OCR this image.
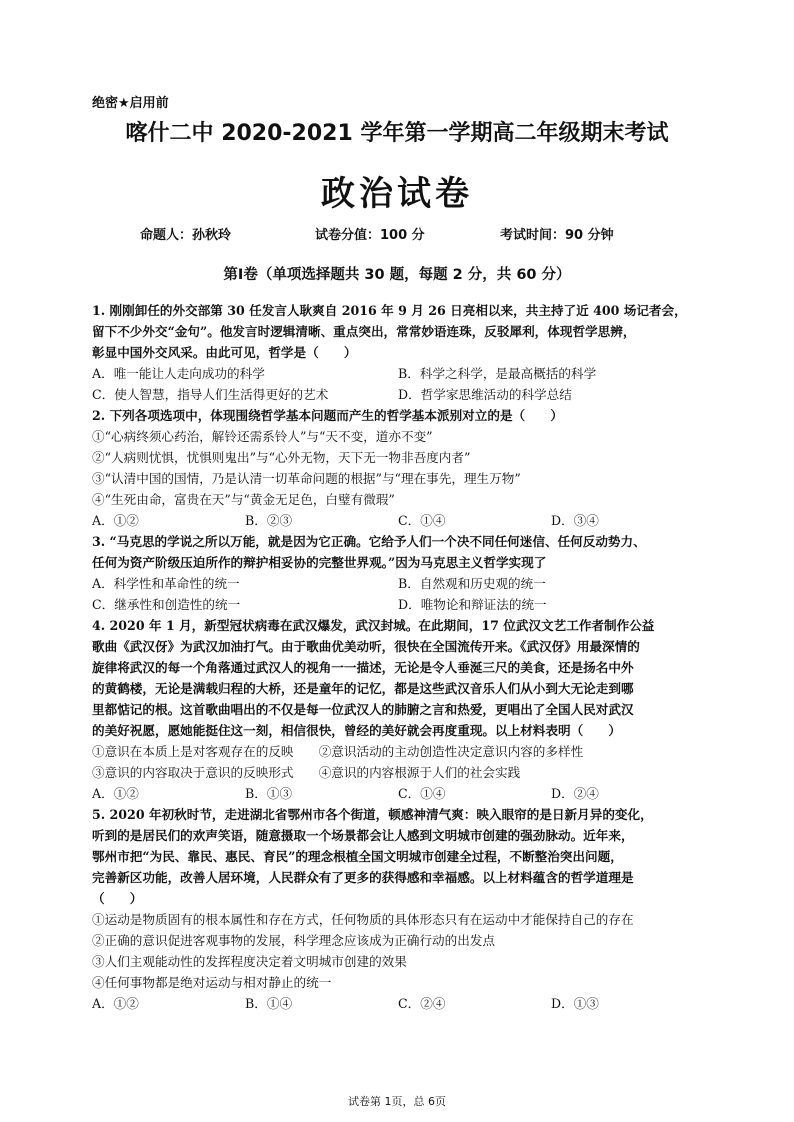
绝密★启用前
喀什二中 2020-2021 学年第一学期高二年级期末考试
政治试卷
命题人：孙秋玲	试卷分值：100 分	考试时间：90 分钟
第Ⅰ卷（单项选择题共 30 题，每题 2 分，共 60 分）
1. 刚刚卸任的外交部第 30 任发言人耿爽自 2016 年 9 月 26 日亮相以来，共主持了近 400 场记者会，
留下不少外交“金句”。他发言时逻辑清晰、重点突出，常常妙语连珠，反驳犀利，体现哲学思辨，
彰显中国外交风采。由此可见，哲学是（　　）
A．唯一能让人走向成功的科学	B．科学之科学，是最高概括的科学
C．使人智慧，指导人们生活得更好的艺术	D．哲学家思维活动的科学总结
2. 下列各项选项中，体现围绕哲学基本问题而产生的哲学基本派别对立的是（　　）
①“心病终须心药治，解铃还需系铃人”与“天不变，道亦不变”
②“人病则忧惧，忧惧则鬼出”与“心外无物，天下无一物非吾度内者”
③“认清中国的国情，乃是认清一切革命问题的根据”与“理在事先，理生万物”
④“生死由命，富贵在天”与“黄金无足色，白璧有微瑕”
A．①②	B．②③	C．①④	D．③④
3. “马克思的学说之所以万能，就是因为它正确。它给予人们一个决不同任何迷信、任何反动势力、
任何为资产阶级压迫所作的辩护相妥协的完整世界观。”因为马克思主义哲学实现了
A．科学性和革命性的统一	B．自然观和历史观的统一
C．继承性和创造性的统一	D．唯物论和辩证法的统一
4. 2020 年 1 月，新型冠状病毒在武汉爆发，武汉封城。在此期间，17 位武汉文艺工作者制作公益
歌曲《武汉伢》为武汉加油打气。由于歌曲优美动听，很快在全国流传开来。《武汉伢》用最深情的
旋律将武汉的每一个角落通过武汉人的视角一一描述，无论是令人垂涎三尺的美食，还是扬名中外
的黄鹤楼，无论是满载归程的大桥，还是童年的记忆，都是这些武汉音乐人们从小到大无论走到哪
里都惦记的根。这首歌曲唱出的不仅是每一位武汉人的肺腑之言和热爱，更唱出了全国人民对武汉
的美好祝愿，愿她能挺住这一刻，相信很快，曾经的美好就会再度重现。以上材料表明（　　）
①意识在本质上是对客观存在的反映　　②意识活动的主动创造性决定意识内容的多样性
③意识的内容取决于意识的反映形式　　④意识的内容根源于人们的社会实践
A．①②	B．①③	C．①④	D．②④
5. 2020 年初秋时节，走进湖北省鄂州市各个街道，顿感神清气爽：映入眼帘的是日新月异的变化，
听到的是居民们的欢声笑语，随意摄取一个场景都会让人感到文明城市创建的强劲脉动。近年来，
鄂州市把“为民、靠民、惠民、育民”的理念根植全国文明城市创建全过程，不断整治突出问题，
完善新区功能，改善人居环境，人民群众有了更多的获得感和幸福感。以上材料蕴含的哲学道理是
（　　）
①运动是物质固有的根本属性和存在方式，任何物质的具体形态只有在运动中才能保持自己的存在
②正确的意识促进客观事物的发展，科学理念应该成为正确行动的出发点
③人们主观能动性的发挥程度决定着文明城市创建的效果
④任何事物都是绝对运动与相对静止的统一
A．①②	B．①④	C．②④	D．①③
试卷第 1页，总 6页
